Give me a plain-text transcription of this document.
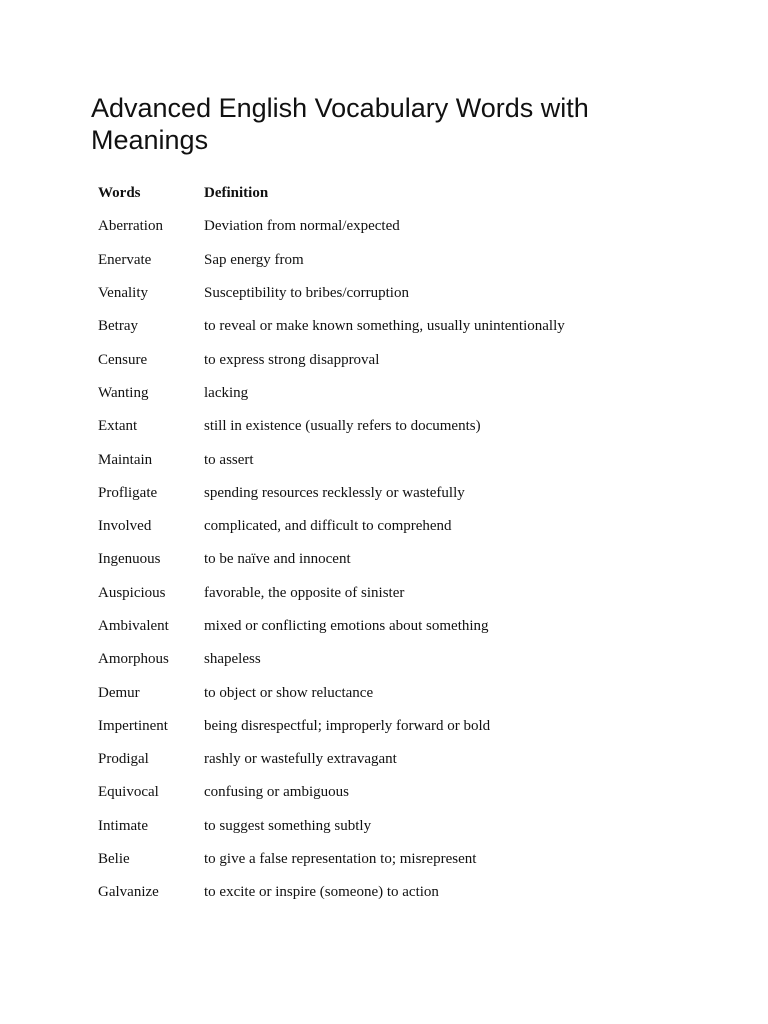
Advanced English Vocabulary Words with Meanings
Words	Definition
Aberration	Deviation from normal/expected
Enervate	Sap energy from
Venality	Susceptibility to bribes/corruption
Betray	to reveal or make known something, usually unintentionally
Censure	to express strong disapproval
Wanting	lacking
Extant	still in existence (usually refers to documents)
Maintain	to assert
Profligate	spending resources recklessly or wastefully
Involved	complicated, and difficult to comprehend
Ingenuous	to be naïve and innocent
Auspicious	favorable, the opposite of sinister
Ambivalent	mixed or conflicting emotions about something
Amorphous	shapeless
Demur	to object or show reluctance
Impertinent	being disrespectful; improperly forward or bold
Prodigal	rashly or wastefully extravagant
Equivocal	confusing or ambiguous
Intimate	to suggest something subtly
Belie	to give a false representation to; misrepresent
Galvanize	to excite or inspire (someone) to action
